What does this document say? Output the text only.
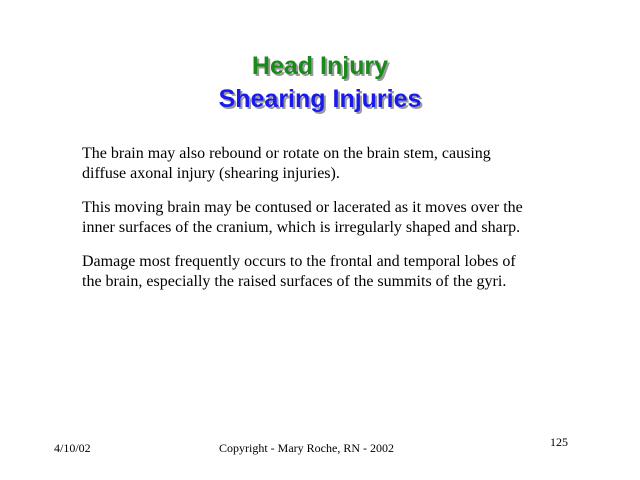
Head Injury
Shearing Injuries

The brain may also rebound or rotate on the brain stem, causing
diffuse axonal injury (shearing injuries).

This moving brain may be contused or lacerated as it moves over the
inner surfaces of the cranium, which is irregularly shaped and sharp.

Damage most frequently occurs to the frontal and temporal lobes of
the brain, especially the raised surfaces of the summits of the gyri.

4/10/02	Copyright - Mary Roche, RN - 2002	125
